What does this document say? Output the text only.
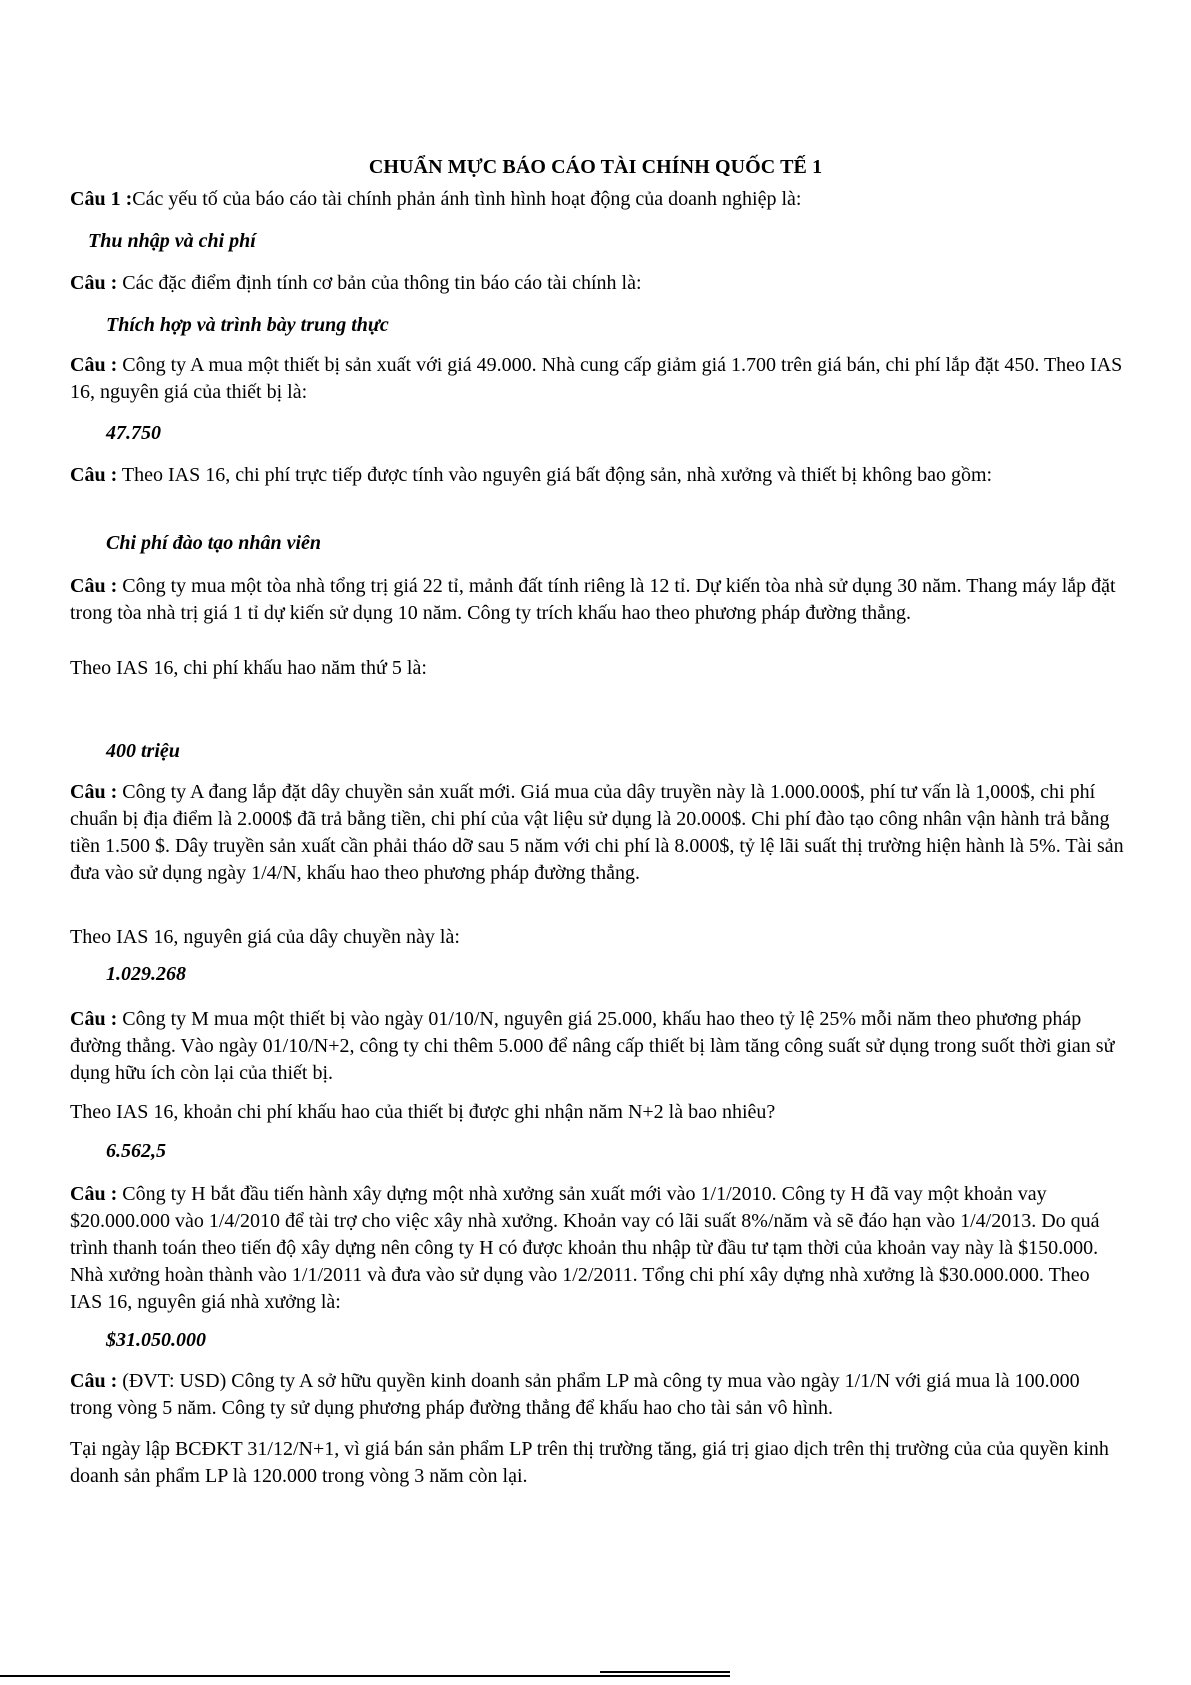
CHUẨN MỰC BÁO CÁO TÀI CHÍNH QUỐC TẾ 1

Câu 1 :Các yếu tố của báo cáo tài chính phản ánh tình hình hoạt động của doanh nghiệp là:

Thu nhập và chi phí

Câu : Các đặc điểm định tính cơ bản của thông tin báo cáo tài chính là:

Thích hợp và trình bày trung thực

Câu : Công ty A mua một thiết bị sản xuất với giá 49.000. Nhà cung cấp giảm giá 1.700 trên giá bán, chi phí lắp đặt 450. Theo IAS 16, nguyên giá của thiết bị là:

47.750

Câu : Theo IAS 16, chi phí trực tiếp được tính vào nguyên giá bất động sản, nhà xưởng và thiết bị không bao gồm:

Chi phí đào tạo nhân viên

Câu : Công ty mua một tòa nhà tổng trị giá 22 tỉ, mảnh đất tính riêng là 12 tỉ. Dự kiến tòa nhà sử dụng 30 năm. Thang máy lắp đặt trong tòa nhà trị giá 1 tỉ dự kiến sử dụng 10 năm. Công ty trích khấu hao theo phương pháp đường thẳng.

Theo IAS 16, chi phí khấu hao năm thứ 5 là:

400 triệu

Câu : Công ty A đang lắp đặt dây chuyền sản xuất mới. Giá mua của dây truyền này là 1.000.000$, phí tư vấn là 1,000$, chi phí chuẩn bị địa điểm là 2.000$ đã trả bằng tiền, chi phí của vật liệu sử dụng là 20.000$. Chi phí đào tạo công nhân vận hành trả bằng tiền 1.500 $. Dây truyền sản xuất cần phải tháo dỡ sau 5 năm với chi phí là 8.000$, tỷ lệ lãi suất thị trường hiện hành là 5%. Tài sản đưa vào sử dụng ngày 1/4/N, khấu hao theo phương pháp đường thẳng.

Theo IAS 16, nguyên giá của dây chuyền này là:

1.029.268

Câu : Công ty M mua một thiết bị vào ngày 01/10/N, nguyên giá 25.000, khấu hao theo tỷ lệ 25% mỗi năm theo phương pháp đường thẳng. Vào ngày 01/10/N+2, công ty chi thêm 5.000 để nâng cấp thiết bị làm tăng công suất sử dụng trong suốt thời gian sử dụng hữu ích còn lại của thiết bị.

Theo IAS 16, khoản chi phí khấu hao của thiết bị được ghi nhận năm N+2 là bao nhiêu?

6.562,5

Câu : Công ty H bắt đầu tiến hành xây dựng một nhà xưởng sản xuất mới vào 1/1/2010. Công ty H đã vay một khoản vay $20.000.000 vào 1/4/2010 để tài trợ cho việc xây nhà xưởng. Khoản vay có lãi suất 8%/năm và sẽ đáo hạn vào 1/4/2013. Do quá trình thanh toán theo tiến độ xây dựng nên công ty H có được khoản thu nhập từ đầu tư tạm thời của khoản vay này là $150.000. Nhà xưởng hoàn thành vào 1/1/2011 và đưa vào sử dụng vào 1/2/2011. Tổng chi phí xây dựng nhà xưởng là $30.000.000. Theo IAS 16, nguyên giá nhà xưởng là:

$31.050.000

Câu : (ĐVT: USD) Công ty A sở hữu quyền kinh doanh sản phẩm LP mà công ty mua vào ngày 1/1/N với giá mua là 100.000 trong vòng 5 năm. Công ty sử dụng phương pháp đường thẳng để khấu hao cho tài sản vô hình.

Tại ngày lập BCĐKT 31/12/N+1, vì giá bán sản phẩm LP trên thị trường tăng, giá trị giao dịch trên thị trường của của quyền kinh doanh sản phẩm LP là 120.000 trong vòng 3 năm còn lại.
